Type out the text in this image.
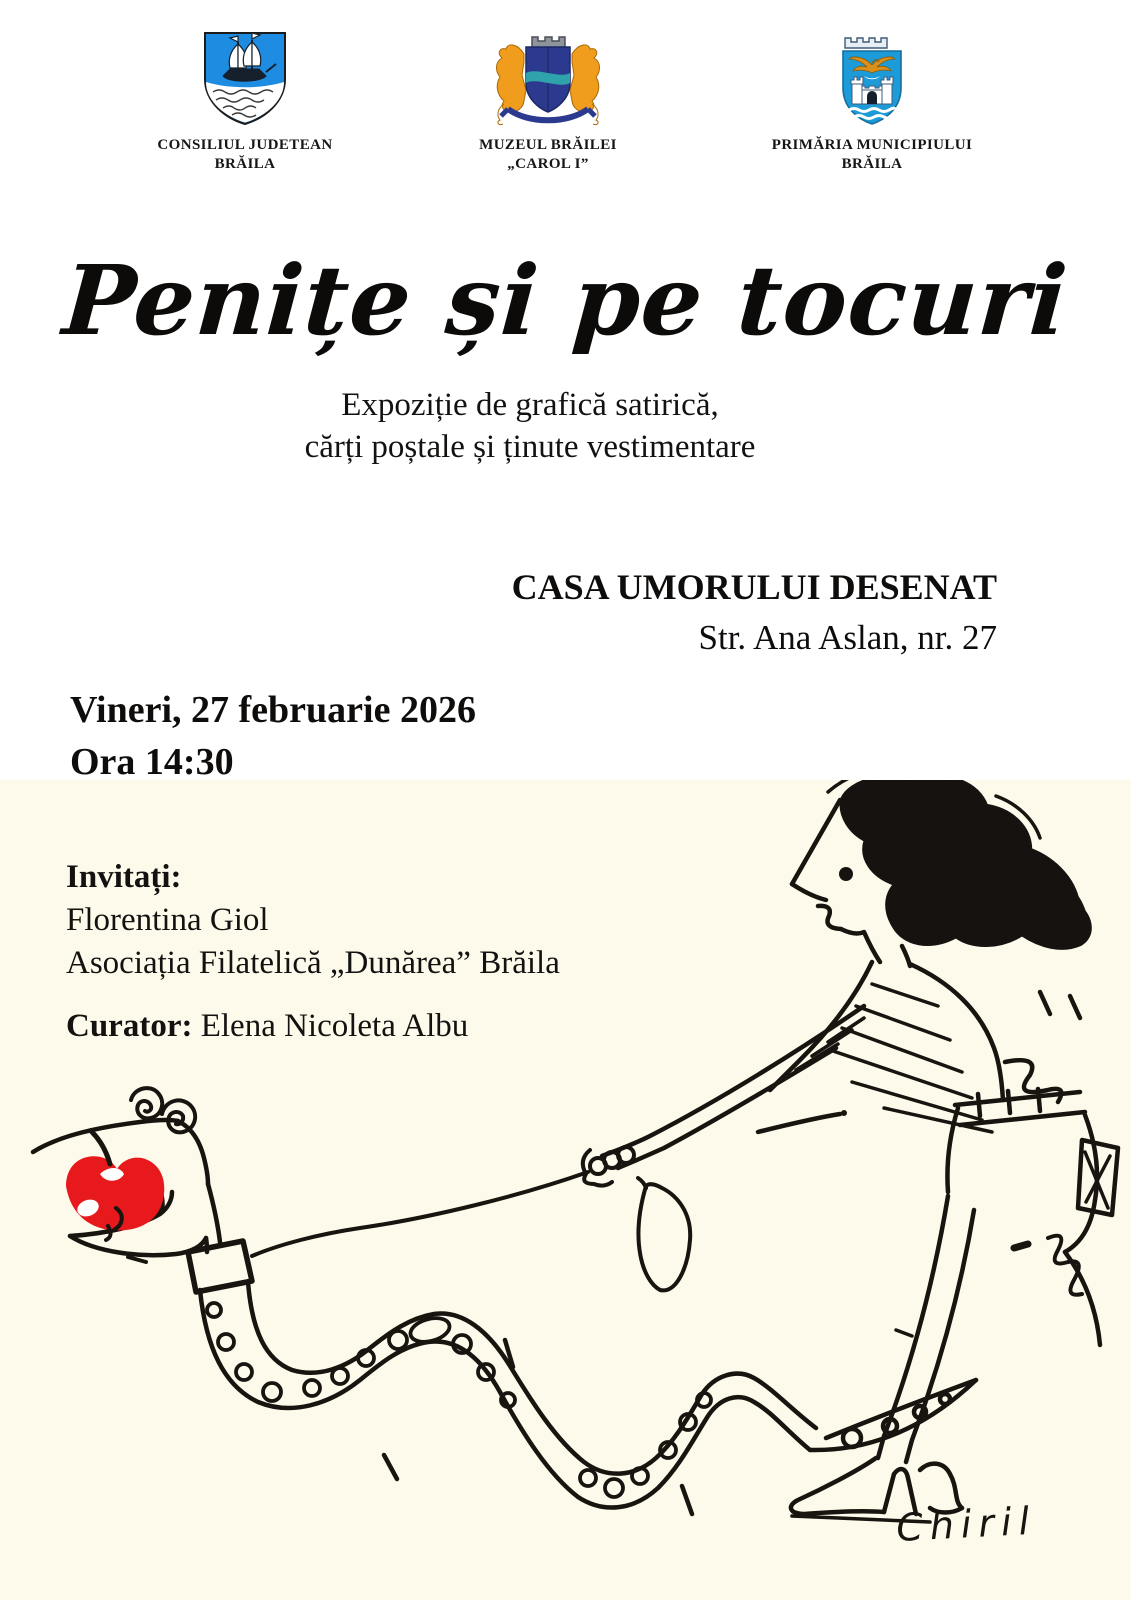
CONSILIUL JUDETEAN
BRĂILA
MUZEUL BRĂILEI
„CAROL I”
PRIMĂRIA MUNICIPIULUI
BRĂILA
Penițe și pe tocuri
Expoziție de grafică satirică,
cărți poștale și ținute vestimentare
CASA UMORULUI DESENAT
Str. Ana Aslan, nr. 27
Vineri, 27 februarie 2026
Ora 14:30
Invitați:
Florentina Giol
Asociația Filatelică „Dunărea” Brăila
Curator: Elena Nicoleta Albu
Chiril
